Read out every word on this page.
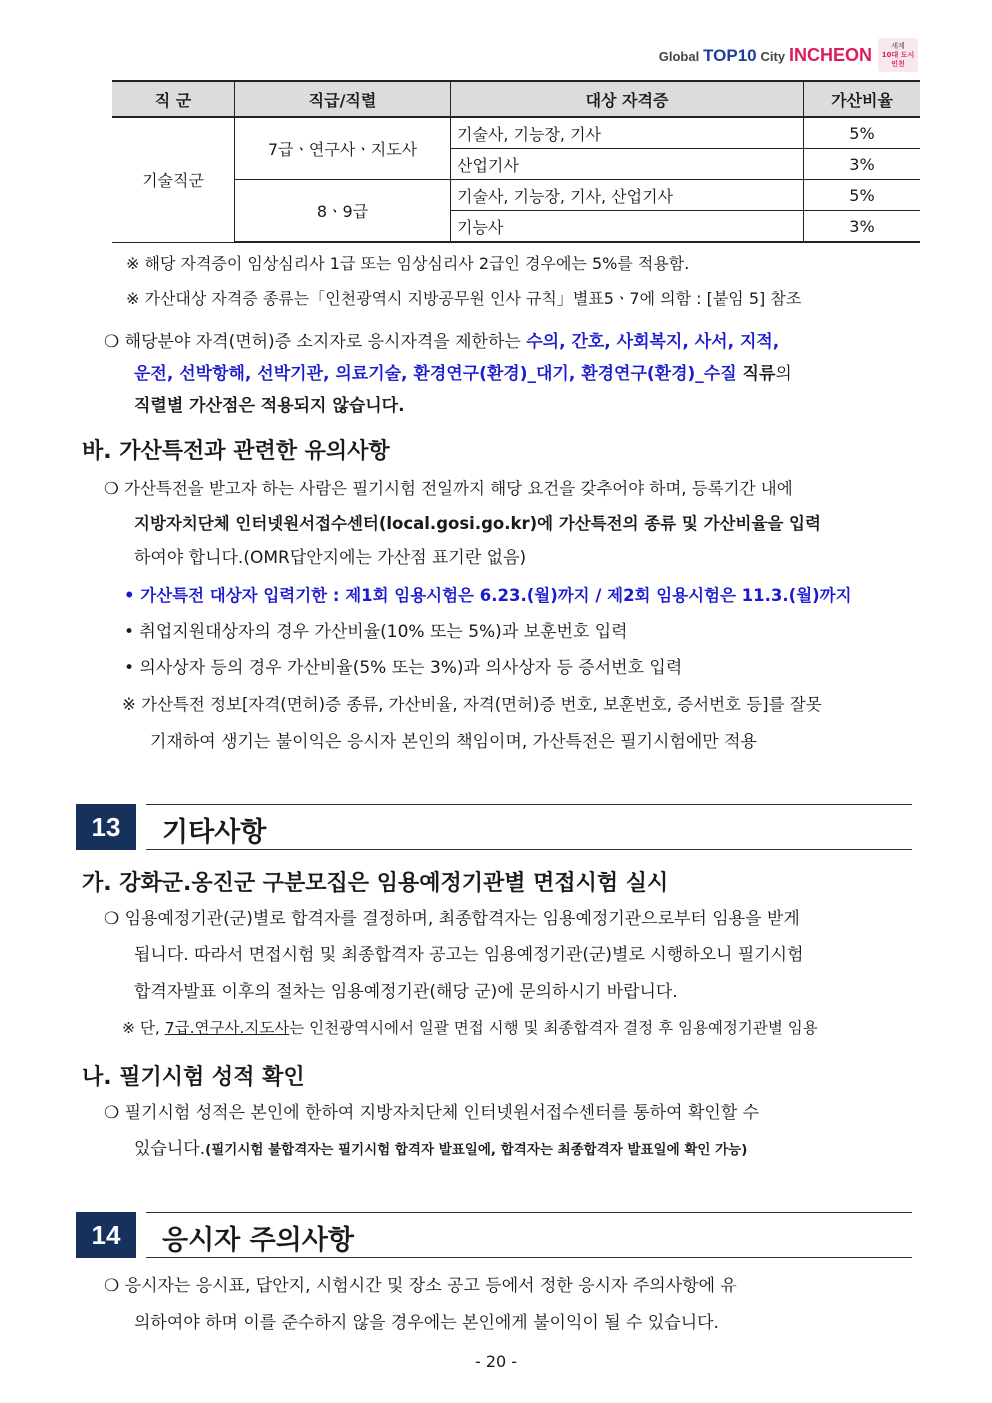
Global TOP10 City INCHEON	세계
10대 도시
인천
직 군	직급/직렬	대상 자격증	가산비율
기술직군	7급ㆍ연구사ㆍ지도사	기술사, 기능장, 기사	5%
		산업기사	3%
	8ㆍ9급	기술사, 기능장, 기사, 산업기사	5%
		기능사	3%
※ 해당 자격증이 임상심리사 1급 또는 임상심리사 2급인 경우에는 5%를 적용함.
※ 가산대상 자격증 종류는「인천광역시 지방공무원 인사 규칙」별표5ㆍ7에 의함 : [붙임 5] 참조
❍ 해당분야 자격(면허)증 소지자로 응시자격을 제한하는 수의, 간호, 사회복지, 사서, 지적,
운전, 선박항해, 선박기관, 의료기술, 환경연구(환경)_대기, 환경연구(환경)_수질 직류의
직렬별 가산점은 적용되지 않습니다.
바. 가산특전과 관련한 유의사항
❍ 가산특전을 받고자 하는 사람은 필기시험 전일까지 해당 요건을 갖추어야 하며, 등록기간 내에
지방자치단체 인터넷원서접수센터(local.gosi.go.kr)에 가산특전의 종류 및 가산비율을 입력
하여야 합니다.(OMR답안지에는 가산점 표기란 없음)
• 가산특전 대상자 입력기한 : 제1회 임용시험은 6.23.(월)까지 / 제2회 임용시험은 11.3.(월)까지
• 취업지원대상자의 경우 가산비율(10% 또는 5%)과 보훈번호 입력
• 의사상자 등의 경우 가산비율(5% 또는 3%)과 의사상자 등 증서번호 입력
※ 가산특전 정보[자격(면허)증 종류, 가산비율, 자격(면허)증 번호, 보훈번호, 증서번호 등]를 잘못
기재하여 생기는 불이익은 응시자 본인의 책임이며, 가산특전은 필기시험에만 적용
13	기타사항
가. 강화군.옹진군 구분모집은 임용예정기관별 면접시험 실시
❍ 임용예정기관(군)별로 합격자를 결정하며, 최종합격자는 임용예정기관으로부터 임용을 받게
됩니다. 따라서 면접시험 및 최종합격자 공고는 임용예정기관(군)별로 시행하오니 필기시험
합격자발표 이후의 절차는 임용예정기관(해당 군)에 문의하시기 바랍니다.
※ 단, 7급.연구사.지도사는 인천광역시에서 일괄 면접 시행 및 최종합격자 결정 후 임용예정기관별 임용
나. 필기시험 성적 확인
❍ 필기시험 성적은 본인에 한하여 지방자치단체 인터넷원서접수센터를 통하여 확인할 수
있습니다.(필기시험 불합격자는 필기시험 합격자 발표일에, 합격자는 최종합격자 발표일에 확인 가능)
14	응시자 주의사항
❍ 응시자는 응시표, 답안지, 시험시간 및 장소 공고 등에서 정한 응시자 주의사항에 유
의하여야 하며 이를 준수하지 않을 경우에는 본인에게 불이익이 될 수 있습니다.
- 20 -
